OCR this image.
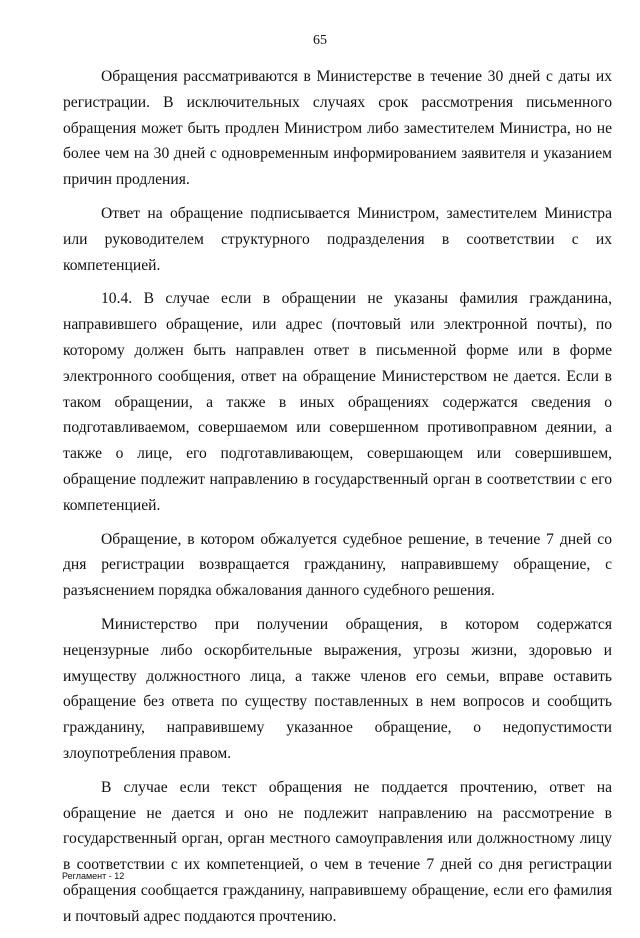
65

Обращения рассматриваются в Министерстве в течение 30 дней с даты их регистрации. В исключительных случаях срок рассмотрения письменного обращения может быть продлен Министром либо заместителем Министра, но не более чем на 30 дней с одновременным информированием заявителя и указанием причин продления.

Ответ на обращение подписывается Министром, заместителем Министра или руководителем структурного подразделения в соответствии с их компетенцией.

10.4. В случае если в обращении не указаны фамилия гражданина, направившего обращение, или адрес (почтовый или электронной почты), по которому должен быть направлен ответ в письменной форме или в форме электронного сообщения, ответ на обращение Министерством не дается. Если в таком обращении, а также в иных обращениях содержатся сведения о подготавливаемом, совершаемом или совершенном противоправном деянии, а также о лице, его подготавливающем, совершающем или совершившем, обращение подлежит направлению в государственный орган в соответствии с его компетенцией.

Обращение, в котором обжалуется судебное решение, в течение 7 дней со дня регистрации возвращается гражданину, направившему обращение, с разъяснением порядка обжалования данного судебного решения.

Министерство при получении обращения, в котором содержатся нецензурные либо оскорбительные выражения, угрозы жизни, здоровью и имуществу должностного лица, а также членов его семьи, вправе оставить обращение без ответа по существу поставленных в нем вопросов и сообщить гражданину, направившему указанное обращение, о недопустимости злоупотребления правом.

В случае если текст обращения не поддается прочтению, ответ на обращение не дается и оно не подлежит направлению на рассмотрение в государственный орган, орган местного самоуправления или должностному лицу в соответствии с их компетенцией, о чем в течение 7 дней со дня регистрации обращения сообщается гражданину, направившему обращение, если его фамилия и почтовый адрес поддаются прочтению.

Регламент - 12
